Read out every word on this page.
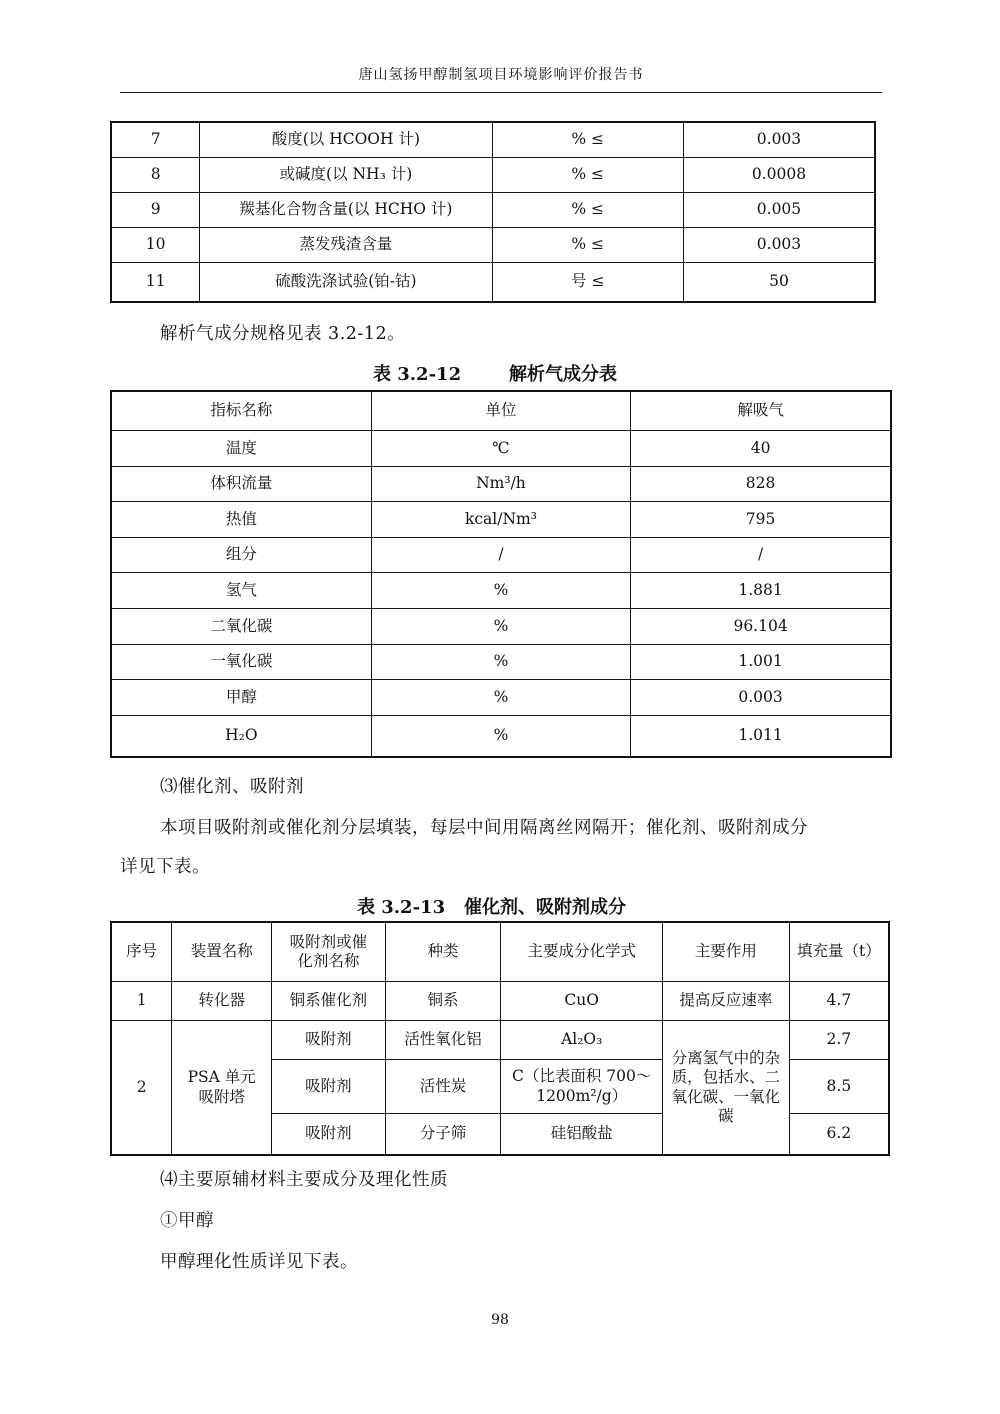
唐山氢扬甲醇制氢项目环境影响评价报告书
7	酸度(以 HCOOH 计)	% ≤	0.003
8	或碱度(以 NH₃ 计)	% ≤	0.0008
9	羰基化合物含量(以 HCHO 计)	% ≤	0.005
10	蒸发残渣含量	% ≤	0.003
11	硫酸洗涤试验(铂-钴)	号 ≤	50
解析气成分规格见表 3.2-12。
表 3.2-12	解析气成分表
指标名称	单位	解吸气
温度	℃	40
体积流量	Nm³/h	828
热值	kcal/Nm³	795
组分	/	/
氢气	%	1.881
二氧化碳	%	96.104
一氧化碳	%	1.001
甲醇	%	0.003
H₂O	%	1.011
⑶催化剂、吸附剂
本项目吸附剂或催化剂分层填装，每层中间用隔离丝网隔开；催化剂、吸附剂成分
详见下表。
表 3.2-13 催化剂、吸附剂成分
序号	装置名称	吸附剂或催化剂名称	种类	主要成分化学式	主要作用	填充量（t）
1	转化器	铜系催化剂	铜系	CuO	提高反应速率	4.7
2	PSA 单元吸附塔	吸附剂	活性氧化铝	Al₂O₃	分离氢气中的杂质，包括水、二氧化碳、一氧化碳	2.7
		吸附剂	活性炭	C（比表面积 700～1200m²/g）		8.5
		吸附剂	分子筛	硅铝酸盐		6.2
⑷主要原辅材料主要成分及理化性质
①甲醇
甲醇理化性质详见下表。
98
